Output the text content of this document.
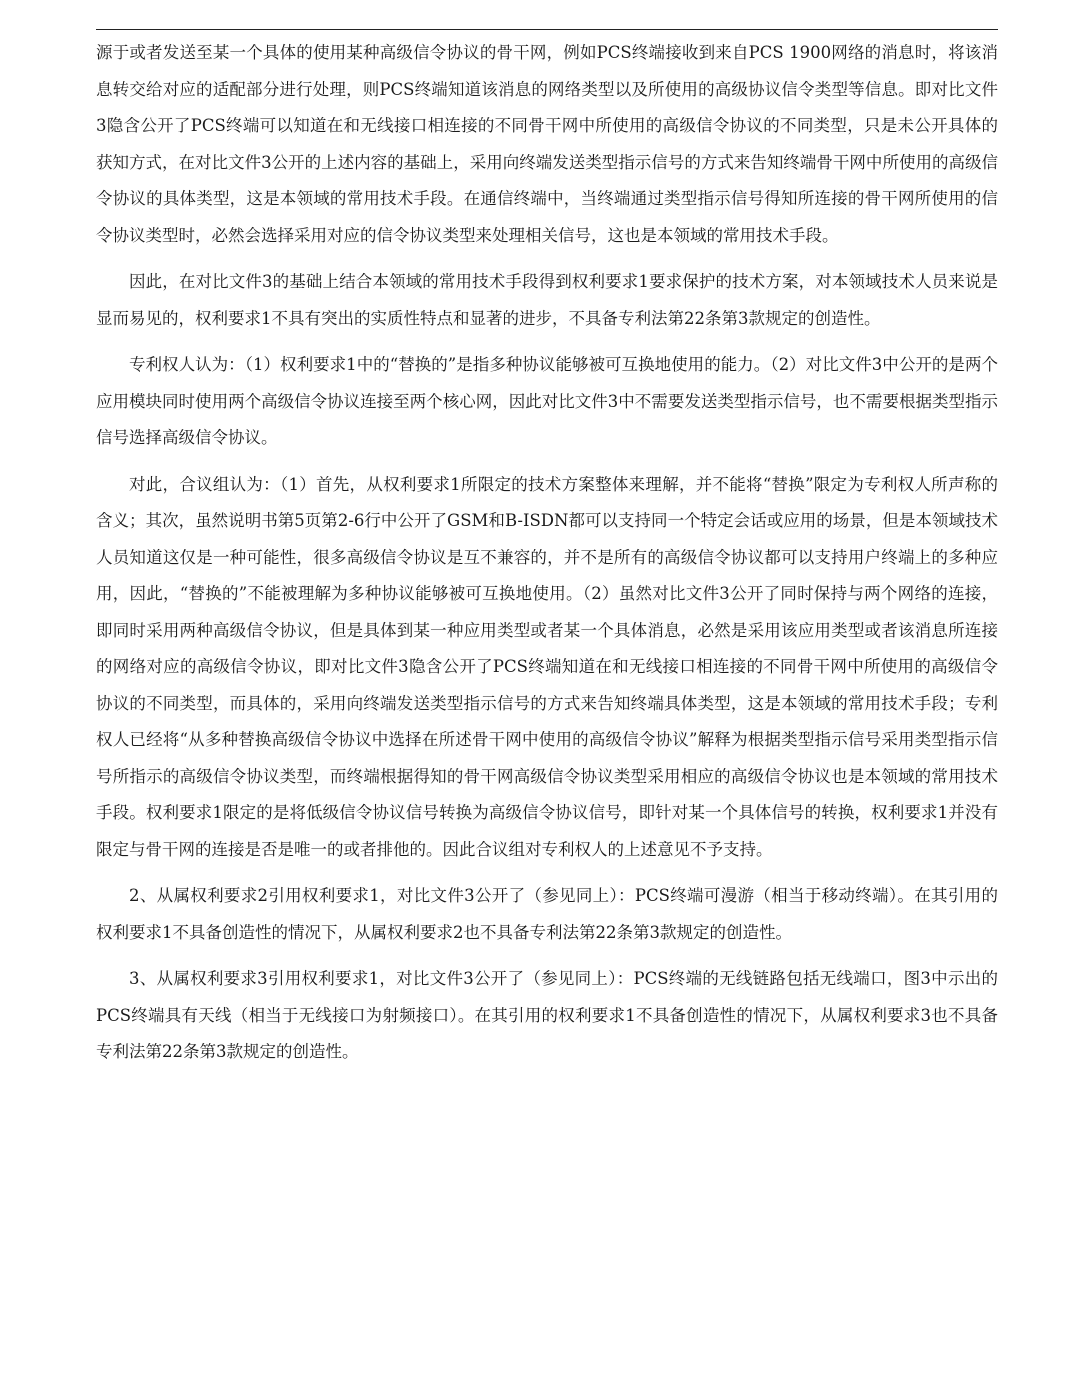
源于或者发送至某一个具体的使用某种高级信令协议的骨干网，例如PCS终端接收到来自PCS 1900网络的消息时，将该消息转交给对应的适配部分进行处理，则PCS终端知道该消息的网络类型以及所使用的高级协议信令类型等信息。即对比文件3隐含公开了PCS终端可以知道在和无线接口相连接的不同骨干网中所使用的高级信令协议的不同类型，只是未公开具体的获知方式，在对比文件3公开的上述内容的基础上，采用向终端发送类型指示信号的方式来告知终端骨干网中所使用的高级信令协议的具体类型，这是本领域的常用技术手段。在通信终端中，当终端通过类型指示信号得知所连接的骨干网所使用的信令协议类型时，必然会选择采用对应的信令协议类型来处理相关信号，这也是本领域的常用技术手段。

因此，在对比文件3的基础上结合本领域的常用技术手段得到权利要求1要求保护的技术方案，对本领域技术人员来说是显而易见的，权利要求1不具有突出的实质性特点和显著的进步，不具备专利法第22条第3款规定的创造性。

专利权人认为：（1）权利要求1中的“替换的”是指多种协议能够被可互换地使用的能力。（2）对比文件3中公开的是两个应用模块同时使用两个高级信令协议连接至两个核心网，因此对比文件3中不需要发送类型指示信号，也不需要根据类型指示信号选择高级信令协议。

对此，合议组认为：（1）首先，从权利要求1所限定的技术方案整体来理解，并不能将“替换”限定为专利权人所声称的含义；其次，虽然说明书第5页第2-6行中公开了GSM和B-ISDN都可以支持同一个特定会话或应用的场景，但是本领域技术人员知道这仅是一种可能性，很多高级信令协议是互不兼容的，并不是所有的高级信令协议都可以支持用户终端上的多种应用，因此，“替换的”不能被理解为多种协议能够被可互换地使用。（2）虽然对比文件3公开了同时保持与两个网络的连接，即同时采用两种高级信令协议，但是具体到某一种应用类型或者某一个具体消息，必然是采用该应用类型或者该消息所连接的网络对应的高级信令协议，即对比文件3隐含公开了PCS终端知道在和无线接口相连接的不同骨干网中所使用的高级信令协议的不同类型，而具体的，采用向终端发送类型指示信号的方式来告知终端具体类型，这是本领域的常用技术手段；专利权人已经将“从多种替换高级信令协议中选择在所述骨干网中使用的高级信令协议”解释为根据类型指示信号采用类型指示信号所指示的高级信令协议类型，而终端根据得知的骨干网高级信令协议类型采用相应的高级信令协议也是本领域的常用技术手段。权利要求1限定的是将低级信令协议信号转换为高级信令协议信号，即针对某一个具体信号的转换，权利要求1并没有限定与骨干网的连接是否是唯一的或者排他的。因此合议组对专利权人的上述意见不予支持。

2、从属权利要求2引用权利要求1，对比文件3公开了（参见同上）：PCS终端可漫游（相当于移动终端）。在其引用的权利要求1不具备创造性的情况下，从属权利要求2也不具备专利法第22条第3款规定的创造性。

3、从属权利要求3引用权利要求1，对比文件3公开了（参见同上）：PCS终端的无线链路包括无线端口，图3中示出的PCS终端具有天线（相当于无线接口为射频接口）。在其引用的权利要求1不具备创造性的情况下，从属权利要求3也不具备专利法第22条第3款规定的创造性。
